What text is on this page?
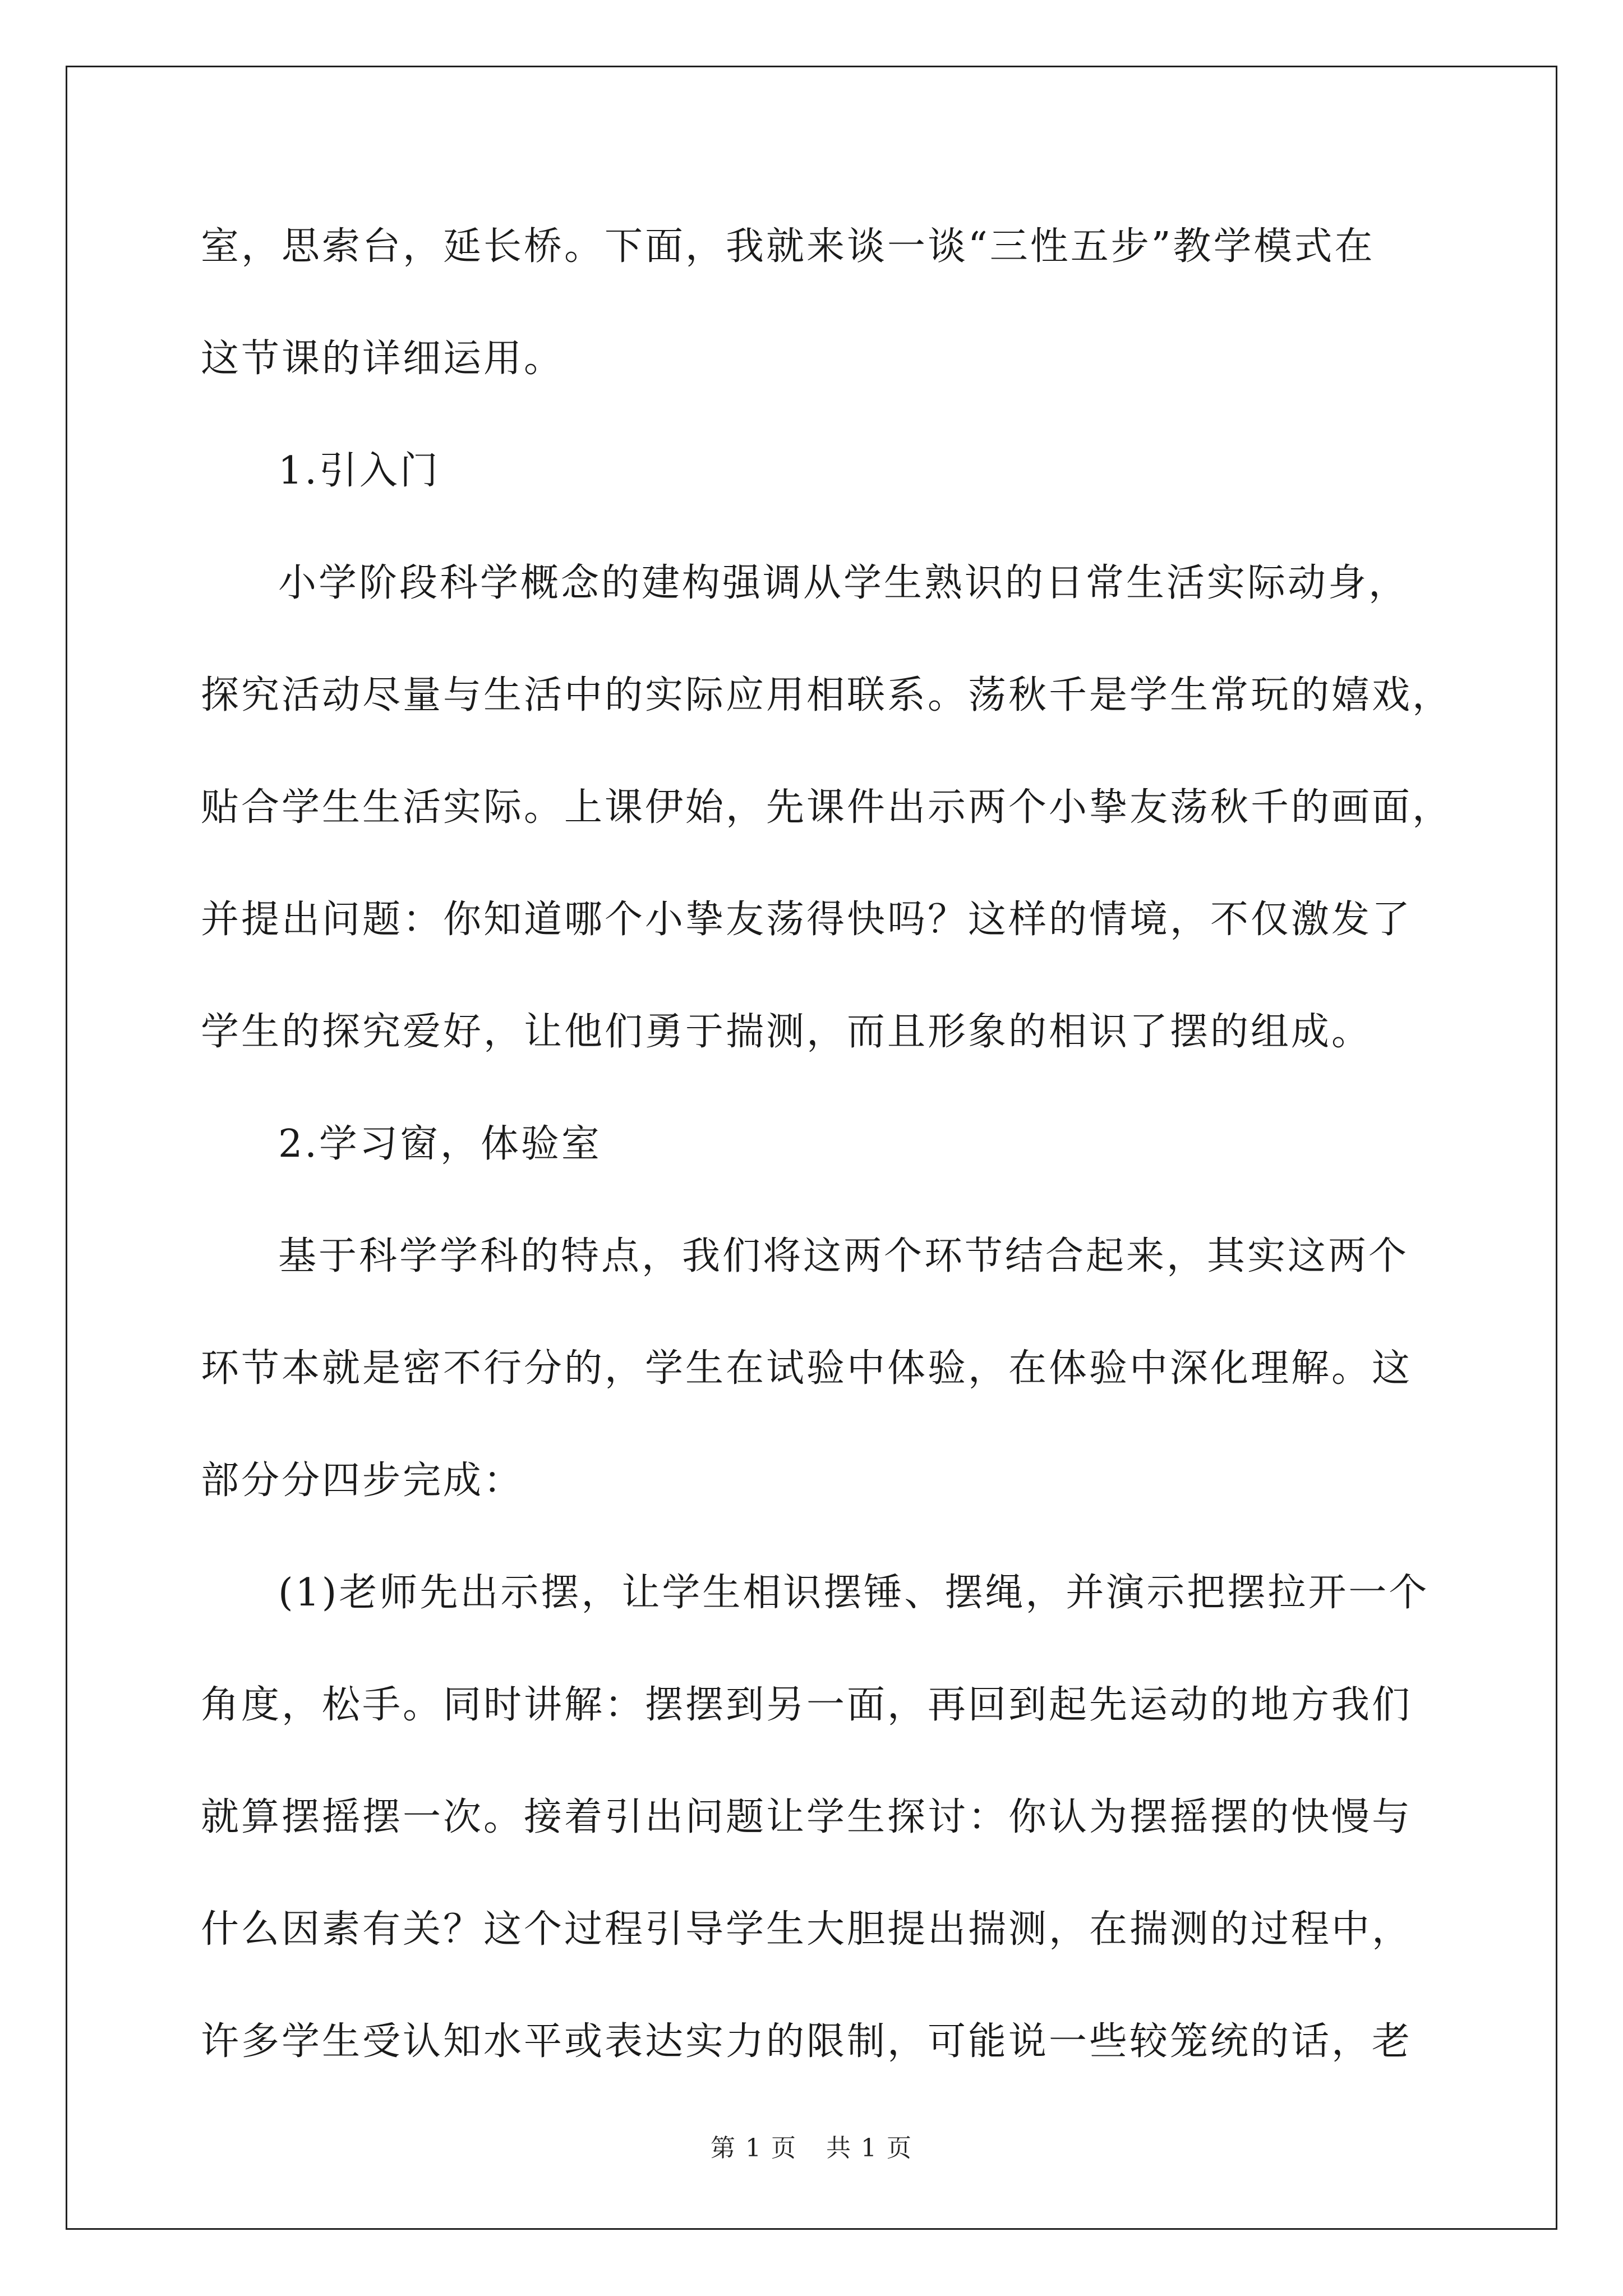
室，思索台，延长桥。下面，我就来谈一谈“三性五步”教学模式在
这节课的详细运用。
1.引入门
小学阶段科学概念的建构强调从学生熟识的日常生活实际动身，
探究活动尽量与生活中的实际应用相联系。荡秋千是学生常玩的嬉戏，
贴合学生生活实际。上课伊始，先课件出示两个小挚友荡秋千的画面，
并提出问题：你知道哪个小挚友荡得快吗？这样的情境，不仅激发了
学生的探究爱好，让他们勇于揣测，而且形象的相识了摆的组成。
2.学习窗，体验室
基于科学学科的特点，我们将这两个环节结合起来，其实这两个
环节本就是密不行分的，学生在试验中体验，在体验中深化理解。这
部分分四步完成：
(1)老师先出示摆，让学生相识摆锤、摆绳，并演示把摆拉开一个
角度，松手。同时讲解：摆摆到另一面，再回到起先运动的地方我们
就算摆摇摆一次。接着引出问题让学生探讨：你认为摆摇摆的快慢与
什么因素有关？这个过程引导学生大胆提出揣测，在揣测的过程中，
许多学生受认知水平或表达实力的限制，可能说一些较笼统的话，老
第 1 页 共 1 页
